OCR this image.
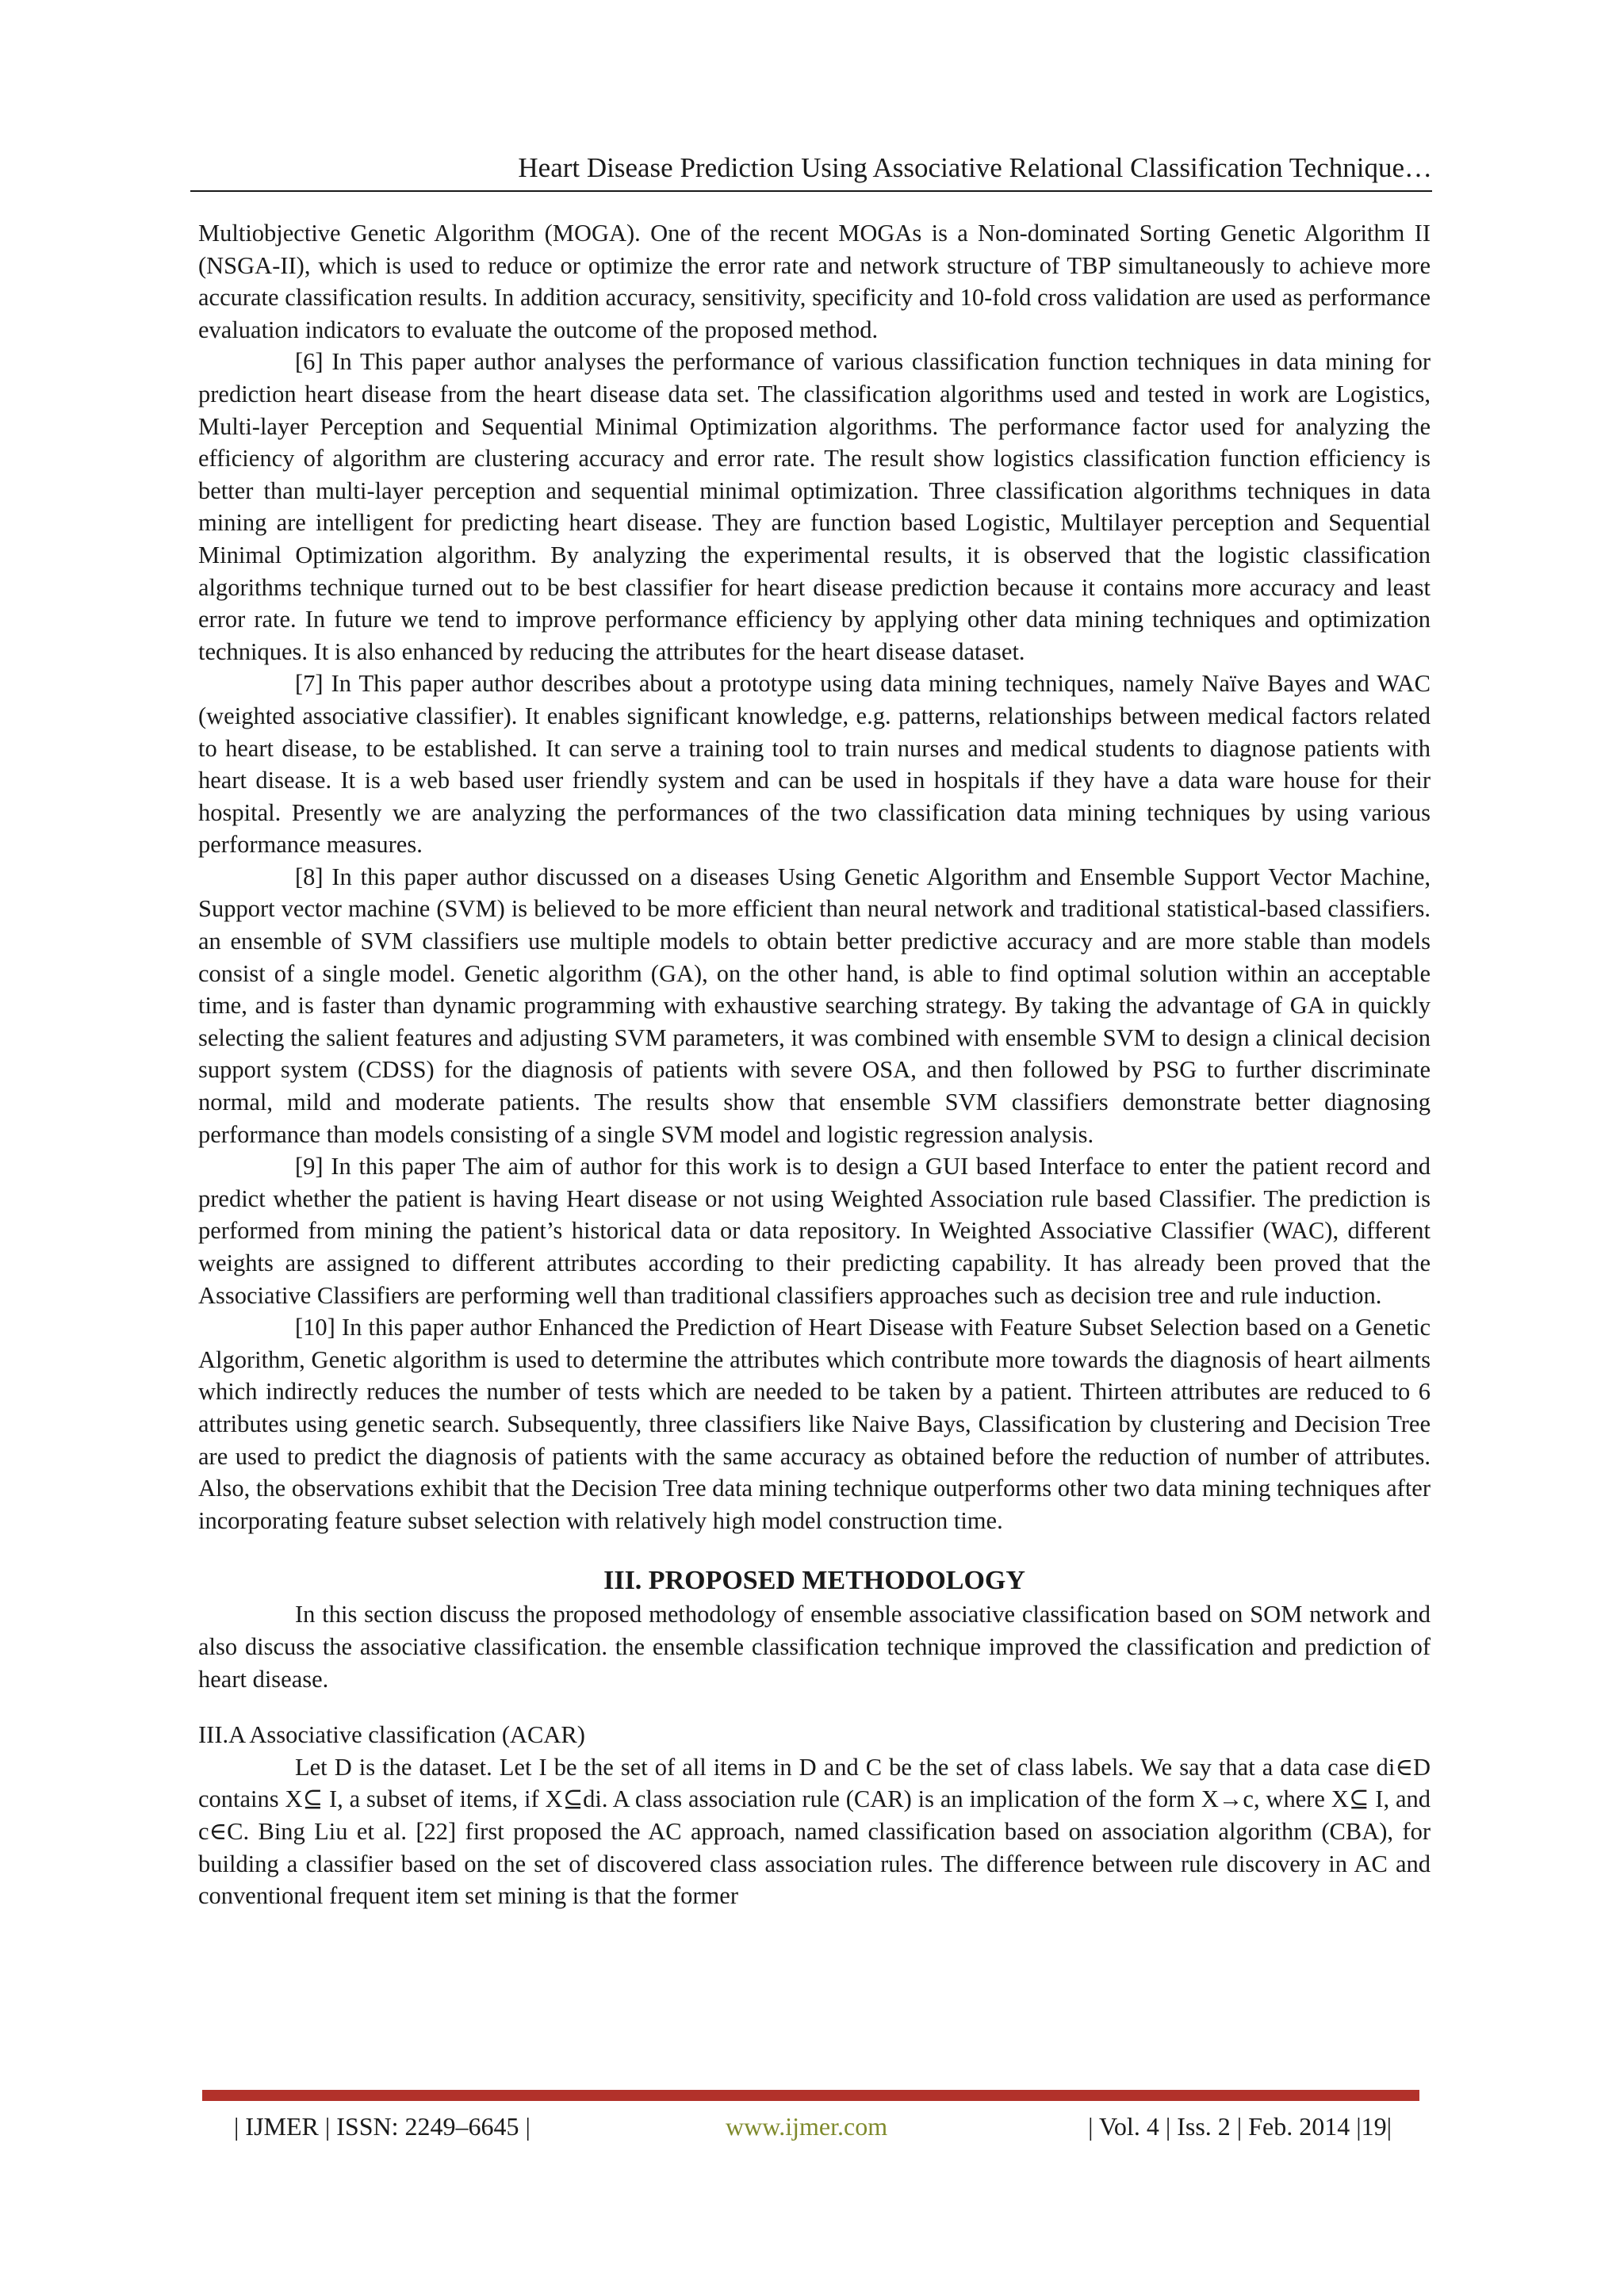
Heart Disease Prediction Using Associative Relational Classification Technique…

Multiobjective Genetic Algorithm (MOGA). One of the recent MOGAs is a Non-dominated Sorting Genetic Algorithm II (NSGA-II), which is used to reduce or optimize the error rate and network structure of TBP simultaneously to achieve more accurate classification results. In addition accuracy, sensitivity, specificity and 10-fold cross validation are used as performance evaluation indicators to evaluate the outcome of the proposed method.

[6] In This paper author analyses the performance of various classification function techniques in data mining for prediction heart disease from the heart disease data set. The classification algorithms used and tested in work are Logistics, Multi-layer Perception and Sequential Minimal Optimization algorithms. The performance factor used for analyzing the efficiency of algorithm are clustering accuracy and error rate. The result show logistics classification function efficiency is better than multi-layer perception and sequential minimal optimization. Three classification algorithms techniques in data mining are intelligent for predicting heart disease. They are function based Logistic, Multilayer perception and Sequential Minimal Optimization algorithm. By analyzing the experimental results, it is observed that the logistic classification algorithms technique turned out to be best classifier for heart disease prediction because it contains more accuracy and least error rate. In future we tend to improve performance efficiency by applying other data mining techniques and optimization techniques. It is also enhanced by reducing the attributes for the heart disease dataset.

[7] In This paper author describes about a prototype using data mining techniques, namely Naïve Bayes and WAC (weighted associative classifier). It enables significant knowledge, e.g. patterns, relationships between medical factors related to heart disease, to be established. It can serve a training tool to train nurses and medical students to diagnose patients with heart disease. It is a web based user friendly system and can be used in hospitals if they have a data ware house for their hospital. Presently we are analyzing the performances of the two classification data mining techniques by using various performance measures.

[8] In this paper author discussed on a diseases Using Genetic Algorithm and Ensemble Support Vector Machine, Support vector machine (SVM) is believed to be more efficient than neural network and traditional statistical-based classifiers. an ensemble of SVM classifiers use multiple models to obtain better predictive accuracy and are more stable than models consist of a single model. Genetic algorithm (GA), on the other hand, is able to find optimal solution within an acceptable time, and is faster than dynamic programming with exhaustive searching strategy. By taking the advantage of GA in quickly selecting the salient features and adjusting SVM parameters, it was combined with ensemble SVM to design a clinical decision support system (CDSS) for the diagnosis of patients with severe OSA, and then followed by PSG to further discriminate normal, mild and moderate patients. The results show that ensemble SVM classifiers demonstrate better diagnosing performance than models consisting of a single SVM model and logistic regression analysis.

[9] In this paper The aim of author for this work is to design a GUI based Interface to enter the patient record and predict whether the patient is having Heart disease or not using Weighted Association rule based Classifier. The prediction is performed from mining the patient’s historical data or data repository. In Weighted Associative Classifier (WAC), different weights are assigned to different attributes according to their predicting capability. It has already been proved that the Associative Classifiers are performing well than traditional classifiers approaches such as decision tree and rule induction.

[10] In this paper author Enhanced the Prediction of Heart Disease with Feature Subset Selection based on a Genetic Algorithm, Genetic algorithm is used to determine the attributes which contribute more towards the diagnosis of heart ailments which indirectly reduces the number of tests which are needed to be taken by a patient. Thirteen attributes are reduced to 6 attributes using genetic search. Subsequently, three classifiers like Naive Bays, Classification by clustering and Decision Tree are used to predict the diagnosis of patients with the same accuracy as obtained before the reduction of number of attributes. Also, the observations exhibit that the Decision Tree data mining technique outperforms other two data mining techniques after incorporating feature subset selection with relatively high model construction time.

III. PROPOSED METHODOLOGY

In this section discuss the proposed methodology of ensemble associative classification based on SOM network and also discuss the associative classification. the ensemble classification technique improved the classification and prediction of heart disease.

III.A Associative classification (ACAR)

Let D is the dataset. Let I be the set of all items in D and C be the set of class labels. We say that a data case di∈D contains X⊆ I, a subset of items, if X⊆di. A class association rule (CAR) is an implication of the form X→c, where X⊆ I, and c∈C. Bing Liu et al. [22] first proposed the AC approach, named classification based on association algorithm (CBA), for building a classifier based on the set of discovered class association rules. The difference between rule discovery in AC and conventional frequent item set mining is that the former

| IJMER | ISSN: 2249–6645 |	www.ijmer.com	| Vol. 4 | Iss. 2 | Feb. 2014 |19|
